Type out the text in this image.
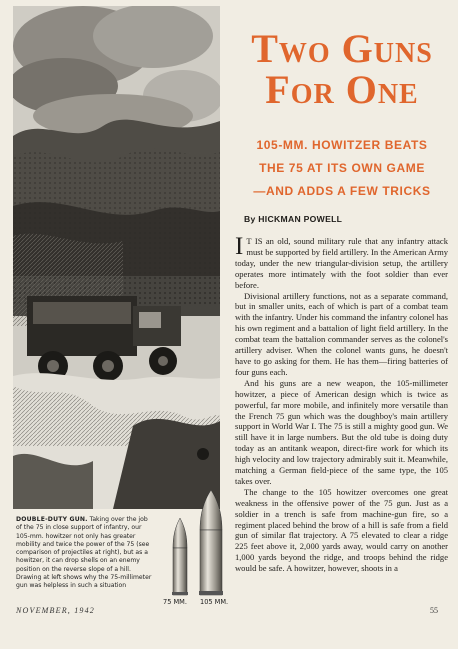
Two Guns
For One
105-MM. HOWITZER BEATS
THE 75 AT ITS OWN GAME
—AND ADDS A FEW TRICKS
By HICKMAN POWELL

I T IS an old, sound military rule that any infantry attack must be supported by field artillery. In the American Army today, under the new triangular-division setup, the artillery operates more intimately with the foot soldier than ever before.

Divisional artillery functions, not as a separate command, but in smaller units, each of which is part of a combat team with the infantry. Under his command the infantry colonel has his own regiment and a battalion of light field artillery. In the combat team the battalion commander serves as the colonel's artillery adviser. When the colonel wants guns, he doesn't have to go asking for them. He has them—firing batteries of four guns each.

And his guns are a new weapon, the 105-millimeter howitzer, a piece of American design which is twice as powerful, far more mobile, and infinitely more versatile than the French 75 gun which was the doughboy's main artillery support in World War I. The 75 is still a mighty good gun. We still have it in large numbers. But the old tube is doing duty today as an antitank weapon, direct-fire work for which its high velocity and low trajectory admirably suit it. Meanwhile, matching a German field-piece of the same type, the 105 takes over.

The change to the 105 howitzer overcomes one great weakness in the offensive power of the 75 gun. Just as a soldier in a trench is safe from machine-gun fire, so a regiment placed behind the brow of a hill is safe from a field gun of similar flat trajectory. A 75 elevated to clear a ridge 225 feet above it, 2,000 yards away, would carry on another 1,000 yards beyond the ridge, and troops behind the ridge would be safe. A howitzer, however, shoots in a

DOUBLE-DUTY GUN. Taking over the job of the 75 in close support of infantry, our 105-mm. howitzer not only has greater mobility and twice the power of the 75 (see comparison of projectiles at right), but as a howitzer, it can drop shells on an enemy position on the reverse slope of a hill. Drawing at left shows why the 75-millimeter gun was helpless in such a situation
75 MM. 105 MM.
NOVEMBER, 1942	55
